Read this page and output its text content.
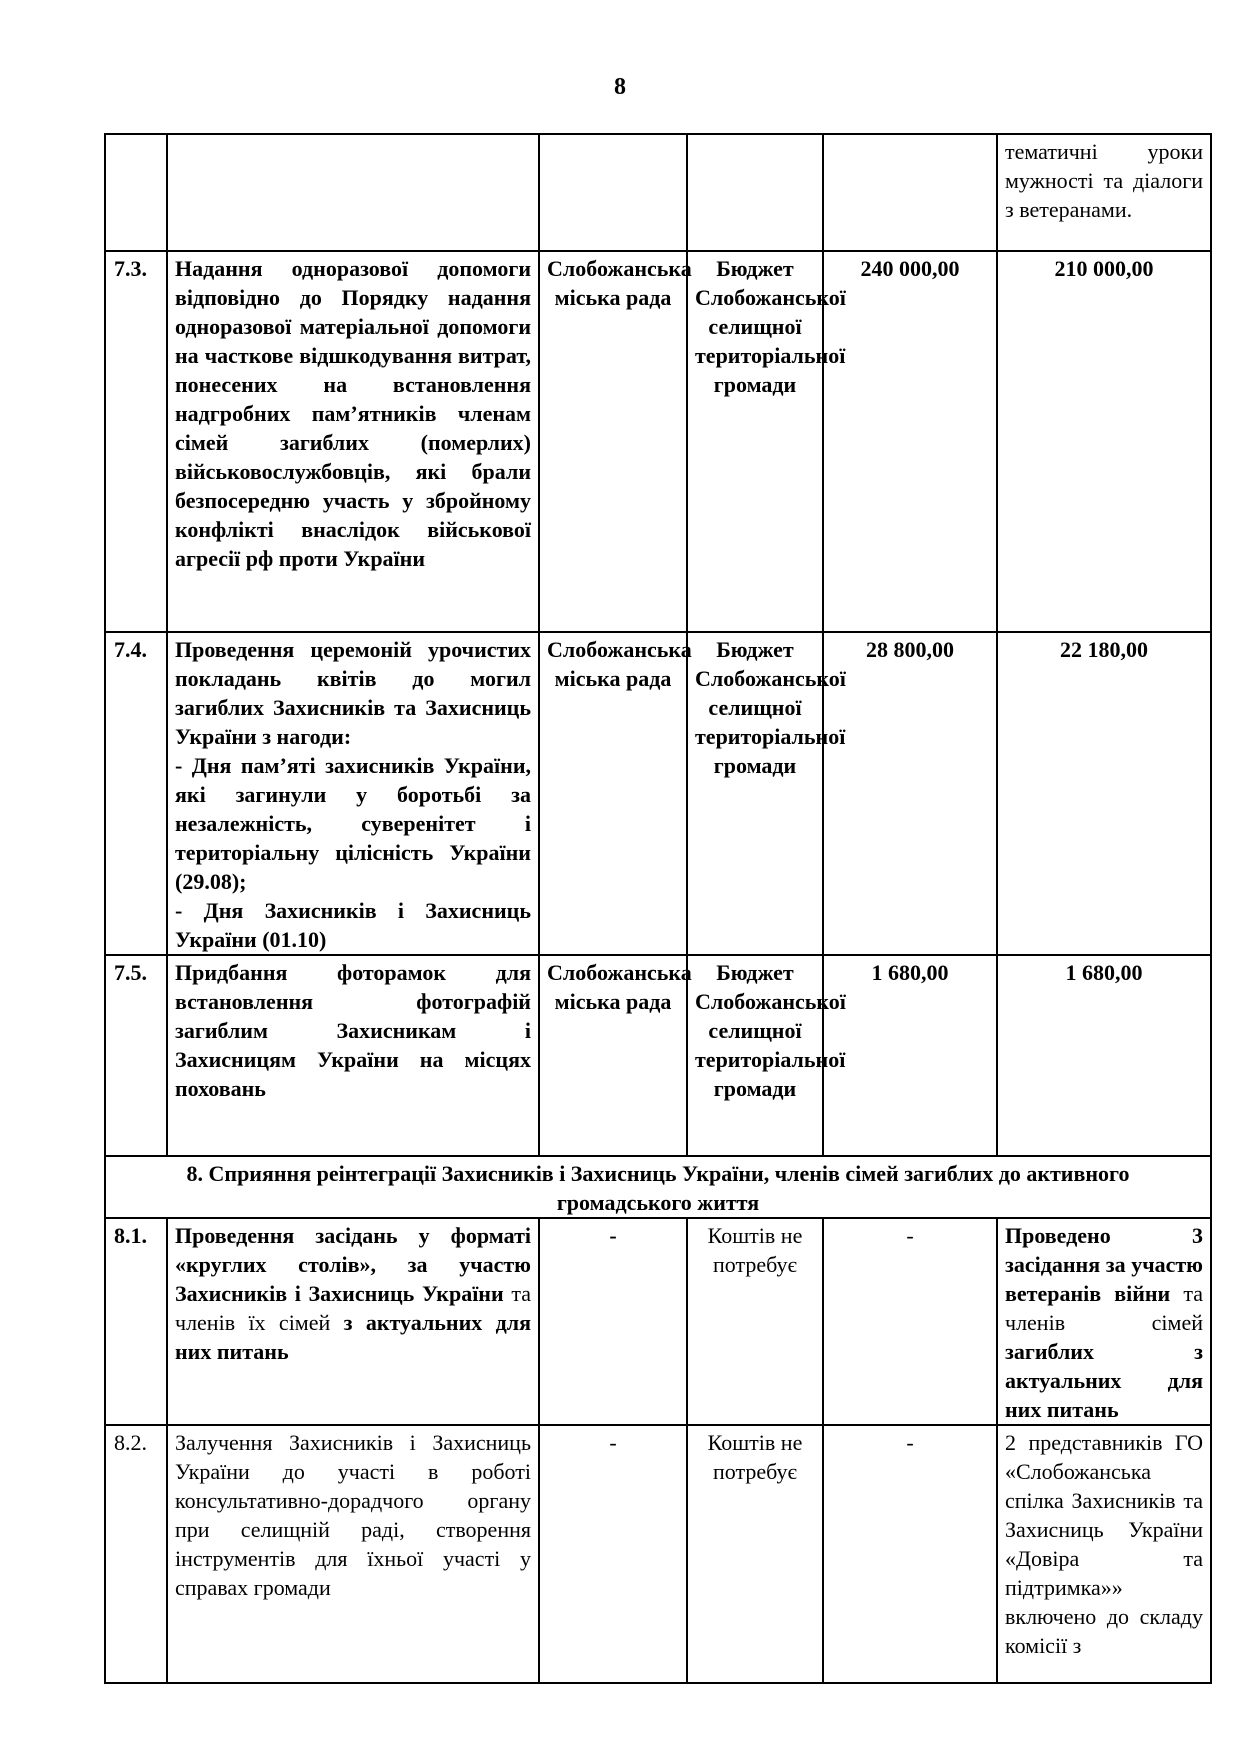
8
					тематичні уроки мужності та діалоги з ветеранами.
7.3.	Надання одноразової допомоги відповідно до Порядку надання одноразової матеріальної допомоги на часткове відшкодування витрат, понесених на встановлення надгробних пам’ятників членам сімей загиблих (померлих) військовослужбовців, які брали безпосередню участь у збройному конфлікті внаслідок військової агресії рф проти України	Слобожанська міська рада	Бюджет Слобожанської селищної територіальної громади	240 000,00	210 000,00
7.4.	Проведення церемоній урочистих покладань квітів до могил загиблих Захисників та Захисниць України з нагоди:
- Дня пам’яті захисників України, які загинули у боротьбі за незалежність, суверенітет і територіальну цілісність України (29.08);
- Дня Захисників і Захисниць України (01.10)	Слобожанська міська рада	Бюджет Слобожанської селищної територіальної громади	28 800,00	22 180,00
7.5.	Придбання фоторамок для встановлення фотографій загиблим Захисникам і Захисницям України на місцях поховань	Слобожанська міська рада	Бюджет Слобожанської селищної територіальної громади	1 680,00	1 680,00
8. Сприяння реінтеграції Захисників і Захисниць України, членів сімей загиблих до активного громадського життя					
8.1.	Проведення засідань у форматі «круглих столів», за участю Захисників і Захисниць України та членів їх сімей з актуальних для них питань	-	Коштів не потребує	-	Проведено 3 засідання за участю ветеранів війни та членів сімей загиблих з актуальних для них питань
8.2.	Залучення Захисників і Захисниць України до участі в роботі консультативно-дорадчого органу при селищній раді, створення інструментів для їхньої участі у справах громади	-	Коштів не потребує	-	2 представників ГО «Слобожанська спілка Захисників та Захисниць України «Довіра та підтримка»» включено до складу комісії з
